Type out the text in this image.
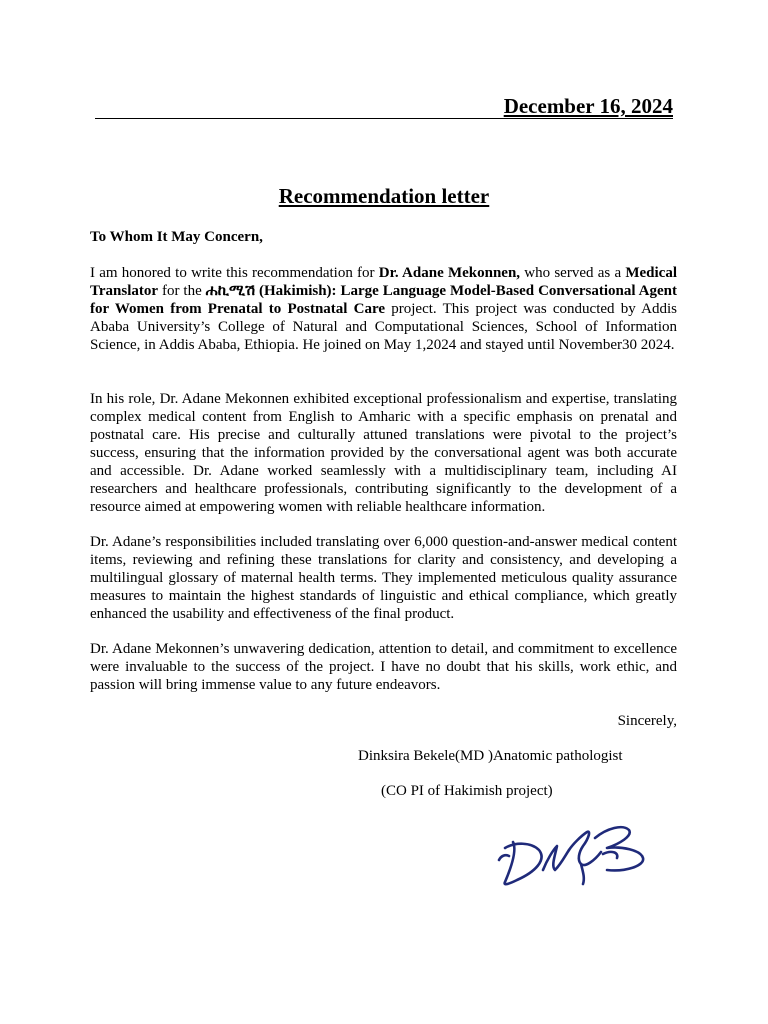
December 16, 2024
Recommendation letter
To Whom It May Concern,

I am honored to write this recommendation for Dr. Adane Mekonnen, who served as a Medical Translator for the ሐኪሚሽ (Hakimish): Large Language Model-Based Conversational Agent for Women from Prenatal to Postnatal Care project. This project was conducted by Addis Ababa University’s College of Natural and Computational Sciences, School of Information Science, in Addis Ababa, Ethiopia. He joined on May 1,2024 and stayed until November30 2024.

In his role, Dr. Adane Mekonnen exhibited exceptional professionalism and expertise, translating complex medical content from English to Amharic with a specific emphasis on prenatal and postnatal care. His precise and culturally attuned translations were pivotal to the project’s success, ensuring that the information provided by the conversational agent was both accurate and accessible. Dr. Adane worked seamlessly with a multidisciplinary team, including AI researchers and healthcare professionals, contributing significantly to the development of a resource aimed at empowering women with reliable healthcare information.

Dr. Adane’s responsibilities included translating over 6,000 question-and-answer medical content items, reviewing and refining these translations for clarity and consistency, and developing a multilingual glossary of maternal health terms. They implemented meticulous quality assurance measures to maintain the highest standards of linguistic and ethical compliance, which greatly enhanced the usability and effectiveness of the final product.

Dr. Adane Mekonnen’s unwavering dedication, attention to detail, and commitment to excellence were invaluable to the success of the project. I have no doubt that his skills, work ethic, and passion will bring immense value to any future endeavors.

Sincerely,
Dinksira Bekele(MD )Anatomic pathologist
(CO PI of Hakimish project)
